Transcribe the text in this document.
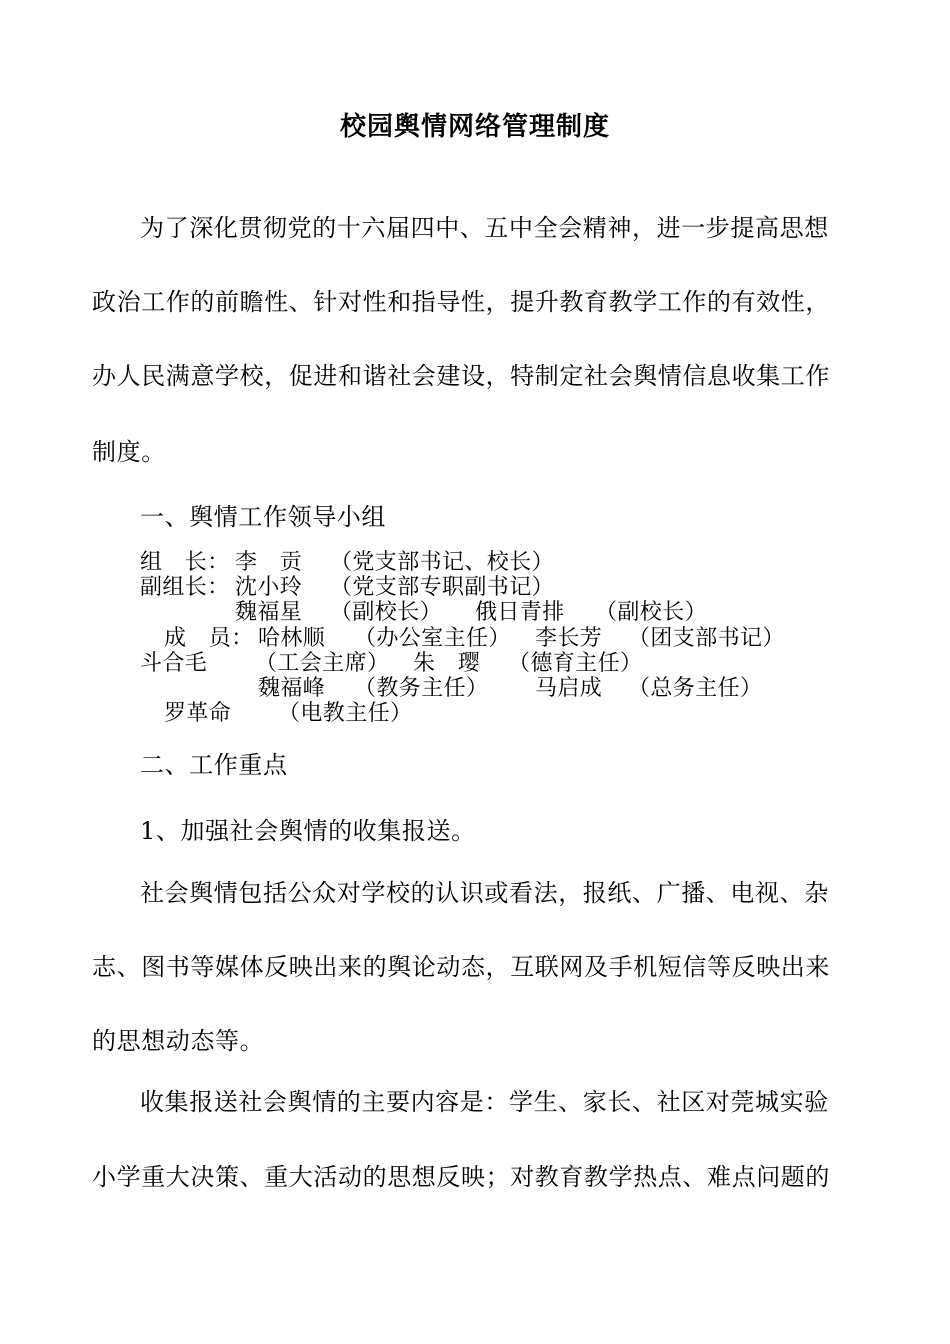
校园舆情网络管理制度
为了深化贯彻党的十六届四中、五中全会精神，进一步提高思想
政治工作的前瞻性、针对性和指导性，提升教育教学工作的有效性，
办人民满意学校，促进和谐社会建设，特制定社会舆情信息收集工作
制度。
一、舆情工作领导小组
组　长： 李　贡 （党支部书记、校长）
副组长： 沈小玲 （党支部专职副书记）
魏福星 （副校长） 俄日青排 （副校长）
成　员： 哈林顺 （办公室主任） 李长芳 （团支部书记）
斗合毛 （工会主席） 朱　璎 （德育主任）
魏福峰 （教务主任） 马启成 （总务主任）
罗革命 （电教主任）
二、工作重点
1、加强社会舆情的收集报送。
社会舆情包括公众对学校的认识或看法，报纸、广播、电视、杂
志、图书等媒体反映出来的舆论动态，互联网及手机短信等反映出来
的思想动态等。
收集报送社会舆情的主要内容是：学生、家长、社区对莞城实验
小学重大决策、重大活动的思想反映；对教育教学热点、难点问题的
